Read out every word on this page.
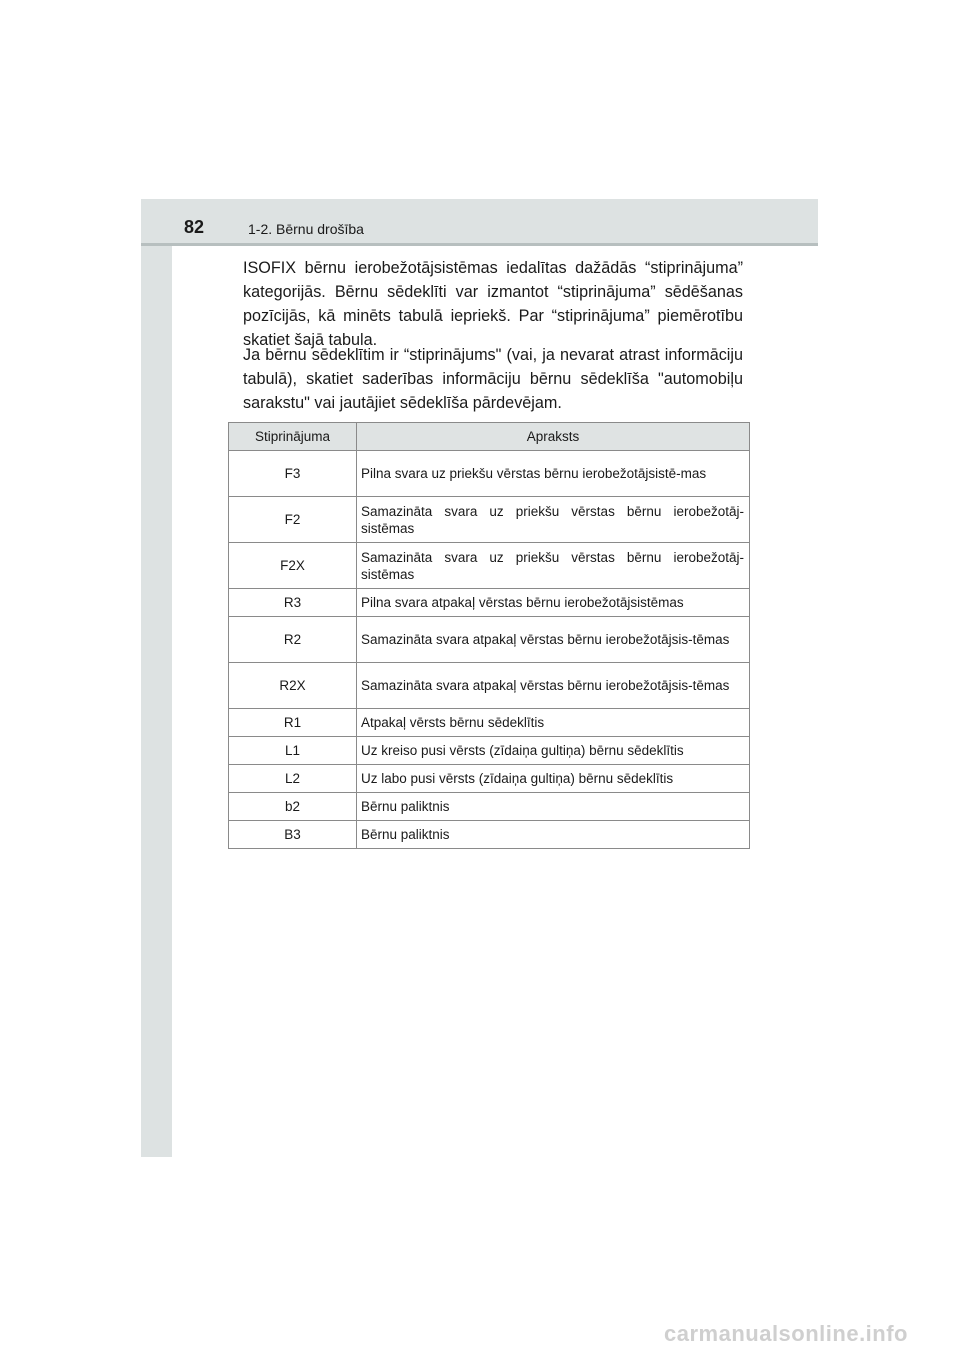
82	1-2. Bērnu drošība
ISOFIX bērnu ierobežotājsistēmas iedalītas dažādās “stiprinājuma” kategorijās. Bērnu sēdeklīti var izmantot “stiprinājuma” sēdēšanas pozīcijās, kā minēts tabulā iepriekš. Par “stiprinājuma” piemērotību skatiet šajā tabula.
Ja bērnu sēdeklītim ir “stiprinājums" (vai, ja nevarat atrast informāciju tabulā), skatiet saderības informāciju bērnu sēdeklīša "automobiļu sarakstu" vai jautājiet sēdeklīša pārdevējam.
Stiprinājuma	Apraksts
F3	Pilna svara uz priekšu vērstas bērnu ierobežotājsistē-mas
F2	Samazināta svara uz priekšu vērstas bērnu ierobežotāj-sistēmas
F2X	Samazināta svara uz priekšu vērstas bērnu ierobežotāj-sistēmas
R3	Pilna svara atpakaļ vērstas bērnu ierobežotājsistēmas
R2	Samazināta svara atpakaļ vērstas bērnu ierobežotājsis-tēmas
R2X	Samazināta svara atpakaļ vērstas bērnu ierobežotājsis-tēmas
R1	Atpakaļ vērsts bērnu sēdeklītis
L1	Uz kreiso pusi vērsts (zīdaiņa gultiņa) bērnu sēdeklītis
L2	Uz labo pusi vērsts (zīdaiņa gultiņa) bērnu sēdeklītis
b2	Bērnu paliktnis
B3	Bērnu paliktnis
carmanualsonline.info
